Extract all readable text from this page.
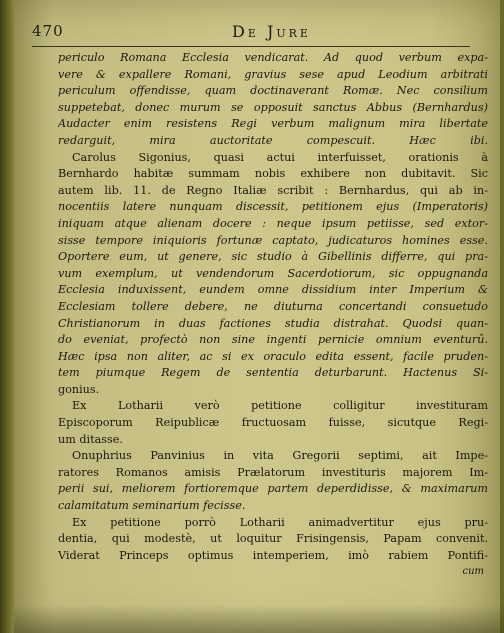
470	De Jure
periculo Romana Ecclesia vendicarat. Ad quod verbum expa-
vere & expallere Romani, gravius sese apud Leodium arbitrati
periculum offendisse, quam doctinaverant Romæ. Nec consilium
suppetebat, donec murum se opposuit sanctus Abbus (Bernhardus)
Audacter enim resistens Regi verbum malignum mira libertate
redarguit, mira auctoritate compescuit. Hæc ibi.
Carolus Sigonius, quasi actui interfuisset, orationis à
Bernhardo habitæ summam nobis exhibere non dubitavit. Sic
autem lib. 11. de Regno Italiæ scribit : Bernhardus, qui ab in-
nocentiis latere nunquam discessit, petitionem ejus (Imperatoris)
iniquam atque alienam docere : neque ipsum petiisse, sed extor-
sisse tempore iniquioris fortunæ captato, judicaturos homines esse.
Oportere eum, ut genere, sic studio à Gibellinis differre, qui pra-
vum exemplum, ut vendendorum Sacerdotiorum, sic oppugnanda
Ecclesia induxissent, eundem omne dissidium inter Imperium &
Ecclesiam tollere debere, ne diuturna concertandi consuetudo
Christianorum in duas factiones studia distrahat. Quodsi quan-
do eveniat, profectò non sine ingenti pernicie omnium eventurû.
Hæc ipsa non aliter, ac si ex oraculo edita essent, facile pruden-
tem piumque Regem de sententia deturbarunt. Hactenus Si-
gonius.
Ex Lotharii verò petitione colligitur investituram
Episcoporum Reipublicæ fructuosam fuisse, sicutque Regi-
um ditasse.
Onuphrius Panvinius in vita Gregorii septimi, ait Impe-
ratores Romanos amisis Prælatorum investituris majorem Im-
perii sui, meliorem fortioremque partem deperdidisse, & maximarum
calamitatum seminarium fecisse.
Ex petitione porrò Lotharii animadvertitur ejus pru-
dentia, qui modestè, ut loquitur Frisingensis, Papam convenit.
Viderat Princeps optimus intemperiem, imò rabiem Pontifi-
cum
